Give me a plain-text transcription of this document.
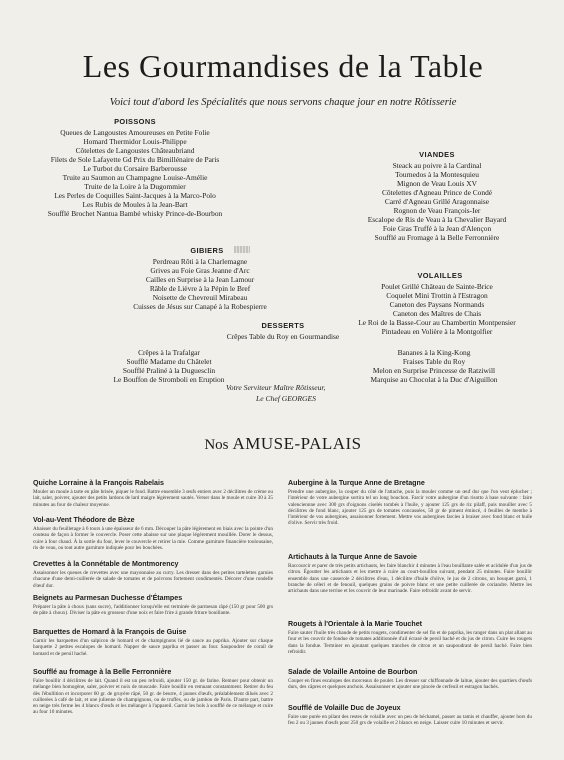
Les Gourmandises de la Table
Voici tout d'abord les Spécialités que nous servons chaque jour en notre Rôtisserie
POISSONS
Queues de Langoustes Amoureuses en Petite Folie
Homard Thermidor Louis-Philippe
Côtelettes de Langoustes Châteaubriand
Filets de Sole Lafayette Gd Prix du Bimillénaire de Paris
Le Turbot du Corsaire Barberousse
Truite au Saumon au Champagne Louise-Amélie
Truite de la Loire à la Dugommier
Les Perles de Coquilles Saint-Jacques à la Marco-Polo
Les Rubis de Moules à la Jean-Bart
Soufflé Brochet Nantua Bambé whisky Prince-de-Bourbon
VIANDES
Steack au poivre à la Cardinal
Tournedos à la Montesquieu
Mignon de Veau Louis XV
Côtelettes d'Agneau Prince de Condé
Carré d'Agneau Grillé Aragonnaise
Rognon de Veau François-Ier
Escalope de Ris de Veau à la Chevalier Bayard
Foie Gras Truffé à la Jean d'Alençon
Soufflé au Fromage à la Belle Ferronnière
GIBIERS
Perdreau Rôti à la Charlemagne
Grives au Foie Gras Jeanne d'Arc
Cailles en Surprise à la Jean Lamour
Râble de Lièvre à la Pépin le Bref
Noisette de Chevreuil Mirabeau
Cuisses de Jésus sur Canapé à la Robespierre
VOLAILLES
Poulet Grillé Château de Sainte-Brice
Coquelet Mini Trottin à l'Estragon
Caneton des Paysans Normands
Caneton des Maîtres de Chais
Le Roi de la Basse-Cour au Chambertin Montpensier
Pintadeau en Volière à la Montgolfier
DESSERTS
Crêpes Table du Roy en Gourmandise
Crêpes à la Trafalgar
Soufflé Madame du Châtelet
Soufflé Praliné à la Duguesclin
Le Bouffon de Stromboli en Eruption
Bananes à la King-Kong
Fraises Table du Roy
Melon en Surprise Princesse de Ratziwill
Marquise au Chocolat à la Duc d'Aiguillon
Votre Serviteur Maître Rôtisseur,
Le Chef GEORGES
Nos AMUSE-PALAIS
Quiche Lorraine à la François Rabelais

Mouler un moule à tarte en pâte brisée, piquer le fond. Battre ensemble 3 œufs entiers avec 2 décilitres de crème ou lait, saler, poivrer, ajouter des petits lardons de lard maigre légèrement sautés. Verser dans le moule et cuire 30 à 35 minutes au four de chaleur moyenne.

Vol-au-Vent Théodore de Bèze

Abaisser du feuilletage à 6 tours à une épaisseur de 6 mm. Découper la pâte légèrement en biais avec la pointe d'un couteau de façon à former le couvercle. Poser cette abaisse sur une plaque légèrement mouillée. Dorer le dessus, cuire à four chaud. À la sortie du four, lever le couvercle et retirer la mie. Comme garniture financière toulousaine, ris de veau, ou tout autre garniture indiquée pour les bouchées.

Crevettes à la Connétable de Montmorency

Assaisonner les queues de crevettes avec une mayonnaise au curry. Les dresser dans des petites tartelettes garnies chacune d'une demi-cuillerée de salade de tomates et de poivrons fortement condimentés. Décorer d'une rondelle d'œuf dur.

Beignets au Parmesan Duchesse d'Étampes

Préparer la pâte à choux (sans sucre), l'additionner lorsqu'elle est terminée de parmesan râpé (150 gr pour 500 grs de pâte à choux). Diviser la pâte en grosseur d'une noix et faire frire à grande friture bouillante.

Barquettes de Homard à la François de Guise

Garnir les barquettes d'un salpicon de homard et de champignons lié de sauce au paprika. Ajouter sur chaque barquette 2 petites escalopes de homard. Napper de sauce paprika et passer au four. Saupoudrer de corail de homard et de persil haché.

Soufflé au fromage à la Belle Ferronnière

Faire bouillir 4 décilitres de lait. Quand il est un peu refroidi, ajouter 150 gr. de farine. Remuer pour obtenir un mélange bien homogène, saler, poivrer et noix de muscade. Faire bouillir en remuant constamment. Retirer du feu dès l'ébullition et incorporer 60 gr. de gruyère râpé, 50 gr. de beurre, 4 jaunes d'œufs, préalablement dilués avec 2 cuillerées à café de lait, et une julienne de champignons, ou de truffes, ou de jambon de Paris. D'autre part, battre en neige très ferme les 4 blancs d'œufs et les mélanger à l'appareil. Garnir les bols à soufflé de ce mélange et cuire au four 10 minutes.

Aubergine à la Turque Anne de Bretagne

Prendre une aubergine, la couper du côté de l'attache, puis la mouler comme un œuf dur que l'on veut éplucher ; l'intérieur de votre aubergine sortira tel un long bouchon. Farcir votre aubergine d'un risotto à base suivante : faire valenciennne avec 300 grs d'oignons ciselés tombés à l'huile, y ajouter 125 grs de riz pilaff, puis mouiller avec 5 décilitres de fond blanc, ajouter 125 grs de tomates concassées, 50 gr de piment émincé, 4 feuilles de menthe à l'intérieur de vos aubergines, assaisonner fortement. Mettre vos aubergines farcies à braiser avec fond blanc et huile d'olive. Servir très froid.

Artichauts à la Turque Anne de Savoie

Raccourcir et parer de très petits artichauts, les faire blanchir 4 minutes à l'eau bouillante salée et acidulée d'un jus de citron. Égoutter les artichauts et les mettre à cuire au court-bouillon suivant, pendant 25 minutes. Faire bouillir ensemble dans une casserole 2 décilitres d'eau, 1 décilitre d'huile d'olive, le jus de 2 citrons, un bouquet garni, 1 branche de céleri et de fenouil, quelques grains de poivre blanc et une petite cuillerée de coriandre. Mettre les artichauts dans une terrine et les couvrir de leur marinade. Faire refroidir avant de servir.

Rougets à l'Orientale à la Marie Touchet

Faire sauter l'huile très chaude de petits rougets, condimenter de sel fin et de paprika, les ranger dans un plat allant au four et les couvrir de fondue de tomates additionnée d'ail écrasé de persil haché et du jus de citron. Cuire les rougets dans la fondue. Terminer en ajoutant quelques tranches de citron et un saupoudrant de persil haché. Faire bien refroidir.

Salade de Volaille Antoine de Bourbon

Couper en fines escalopes des morceaux de poulet. Les dresser sur chiffonnade de laitue, ajouter des quartiers d'œufs durs, des câpres et quelques anchois. Assaisonner et ajouter une pincée de cerfeuil et estragon hachés.

Soufflé de Volaille Duc de Joyeux

Faire une purée en pilant des restes de volaille avec un peu de béchamel, passer au tamis et chauffer, ajouter hors du feu 2 ou 3 jaunes d'œufs pour 250 grs de volaille et 2 blancs en neige. Laisser cuire 10 minutes et servir.
